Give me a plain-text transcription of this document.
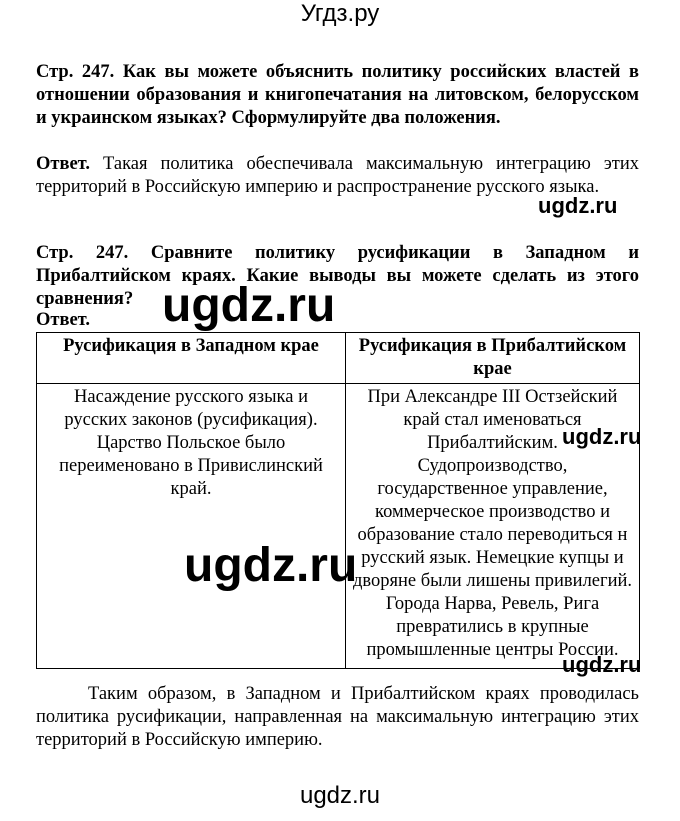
Угдз.ру
Стр. 247. Как вы можете объяснить политику российских властей в отношении образования и книгопечатания на литовском, белорусском и украинском языках? Сформулируйте два положения.
Ответ. Такая политика обеспечивала максимальную интеграцию этих территорий в Российскую империю и распространение русского языка.
ugdz.ru
Стр. 247. Сравните политику русификации в Западном и Прибалтийском краях. Какие выводы вы можете сделать из этого сравнения? ugdz.ru
Ответ.
Русификация в Западном крае	Русификация в Прибалтийском крае
Насаждение русского языка и русских законов (русификация). Царство Польское было переименовано в Привислинский край.	При Александре III Остзейский край стал именоваться Прибалтийским. Судопроизводство, государственное управление, коммерческое производство и образование стало переводиться н русский язык. Немецкие купцы и дворяне были лишены привилегий. Города Нарва, Ревель, Рига превратились в крупные промышленные центры России.
ugdz.ru
ugdz.ru
ugdz.ru
Таким образом, в Западном и Прибалтийском краях проводилась политика русификации, направленная на максимальную интеграцию этих территорий в Российскую империю.
ugdz.ru
